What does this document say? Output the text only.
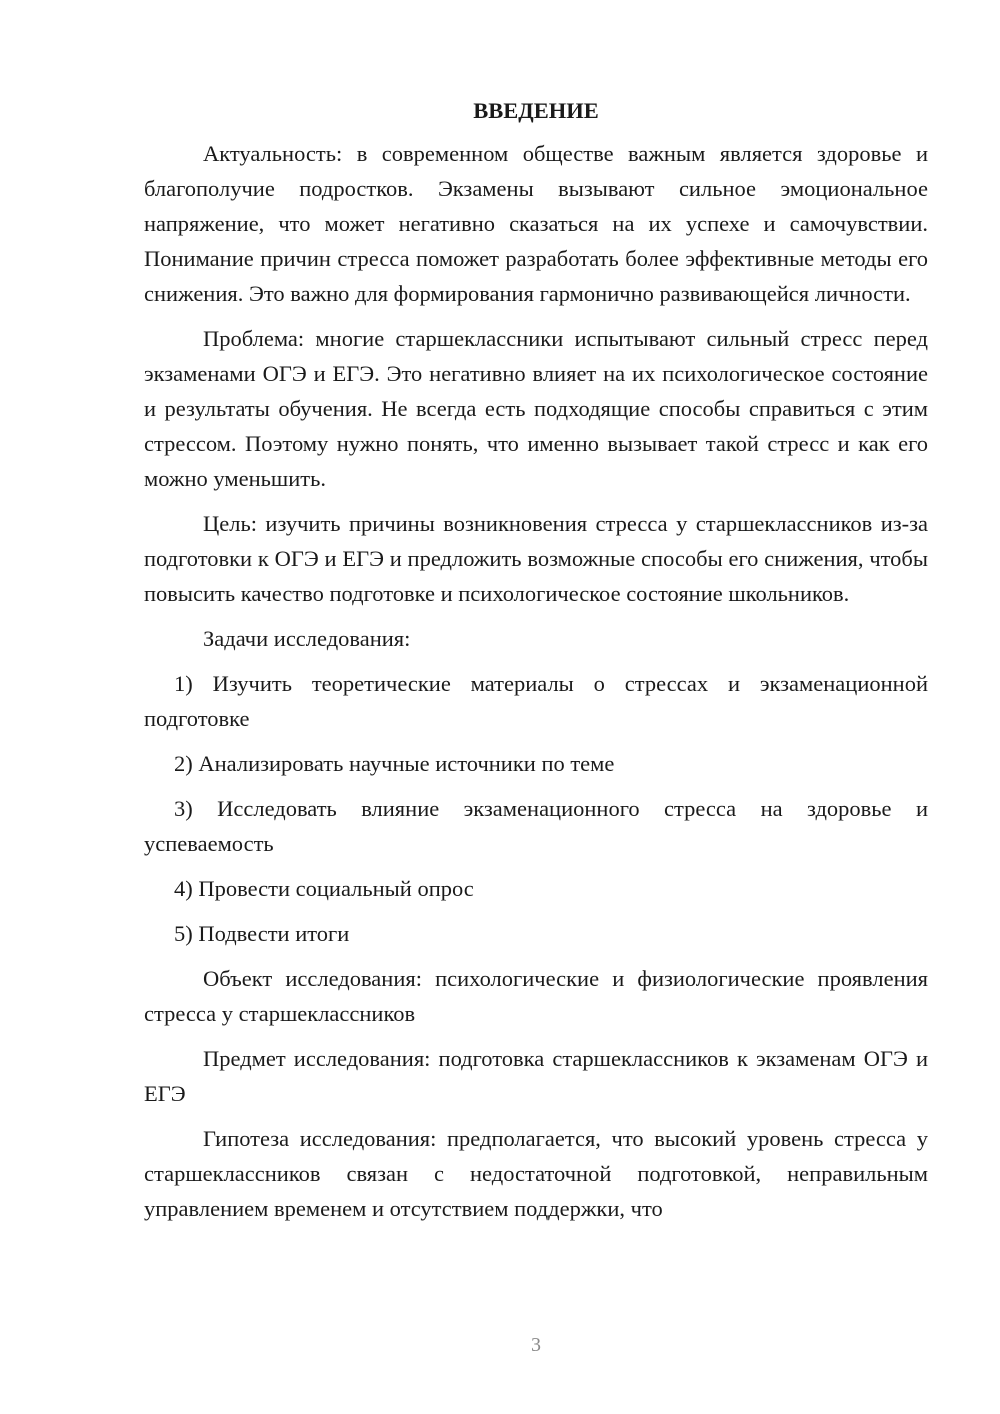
ВВЕДЕНИЕ

Актуальность: в современном обществе важным является здоровье и благополучие подростков. Экзамены вызывают сильное эмоциональное напряжение, что может негативно сказаться на их успехе и самочувствии. Понимание причин стресса поможет разработать более эффективные методы его снижения. Это важно для формирования гармонично развивающейся личности.

Проблема: многие старшеклассники испытывают сильный стресс перед экзаменами ОГЭ и ЕГЭ. Это негативно влияет на их психологическое состояние и результаты обучения. Не всегда есть подходящие способы справиться с этим стрессом. Поэтому нужно понять, что именно вызывает такой стресс и как его можно уменьшить.

Цель: изучить причины возникновения стресса у старшеклассников из-за подготовки к ОГЭ и ЕГЭ и предложить возможные способы его снижения, чтобы повысить качество подготовке и психологическое состояние школьников.

Задачи исследования:

1) Изучить теоретические материалы о стрессах и экзаменационной подготовке

2) Анализировать научные источники по теме

3) Исследовать влияние экзаменационного стресса на здоровье и успеваемость

4) Провести социальный опрос

5) Подвести итоги

Объект исследования: психологические и физиологические проявления стресса у старшеклассников

Предмет исследования: подготовка старшеклассников к экзаменам ОГЭ и ЕГЭ

Гипотеза исследования: предполагается, что высокий уровень стресса у старшеклассников связан с недостаточной подготовкой, неправильным управлением временем и отсутствием поддержки, что

3
